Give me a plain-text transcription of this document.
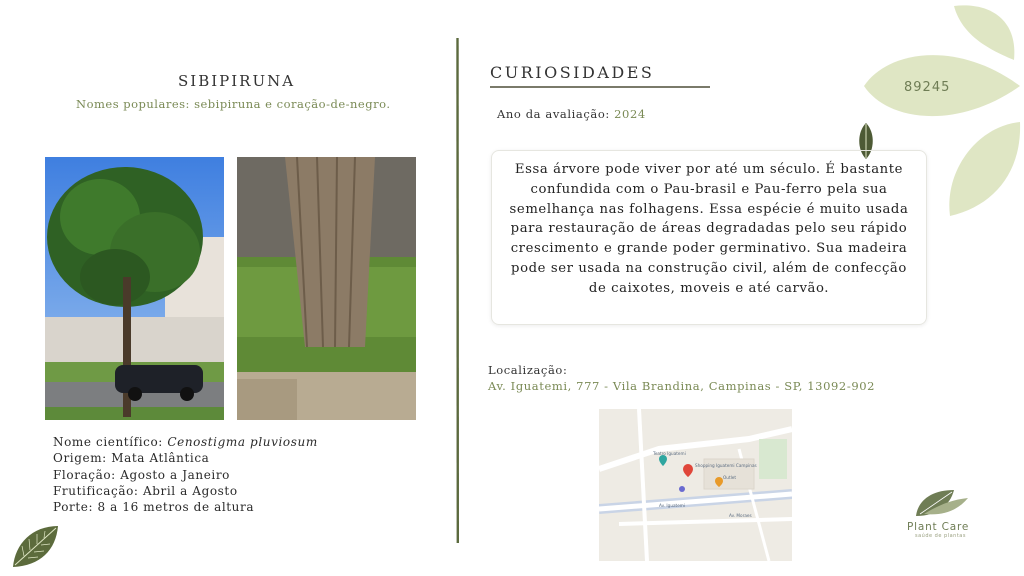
SIBIPIRUNA
Nomes populares: sebipiruna e coração-de-negro.
Nome científico: Cenostigma pluviosum
Origem: Mata Atlântica
Floração: Agosto a Janeiro
Frutificação: Abril a Agosto
Porte: 8 a 16 metros de altura
CURIOSIDADES
Ano da avaliação: 2024
Essa árvore pode viver por até um século. É bastante confundida com o Pau-brasil e Pau-ferro pela sua semelhança nas folhagens. Essa espécie é muito usada para restauração de áreas degradadas pelo seu rápido crescimento e grande poder germinativo. Sua madeira pode ser usada na construção civil, além de confecção de caixotes, moveis e até carvão.
Localização:
Av. Iguatemi, 777 - Vila Brandina, Campinas - SP, 13092-902
Teatro Iguatemi
Shopping Iguatemi Campinas
Outlet
Av. Iguatemi
Av. Moraes
89245
Plant Care
saúde de plantas
